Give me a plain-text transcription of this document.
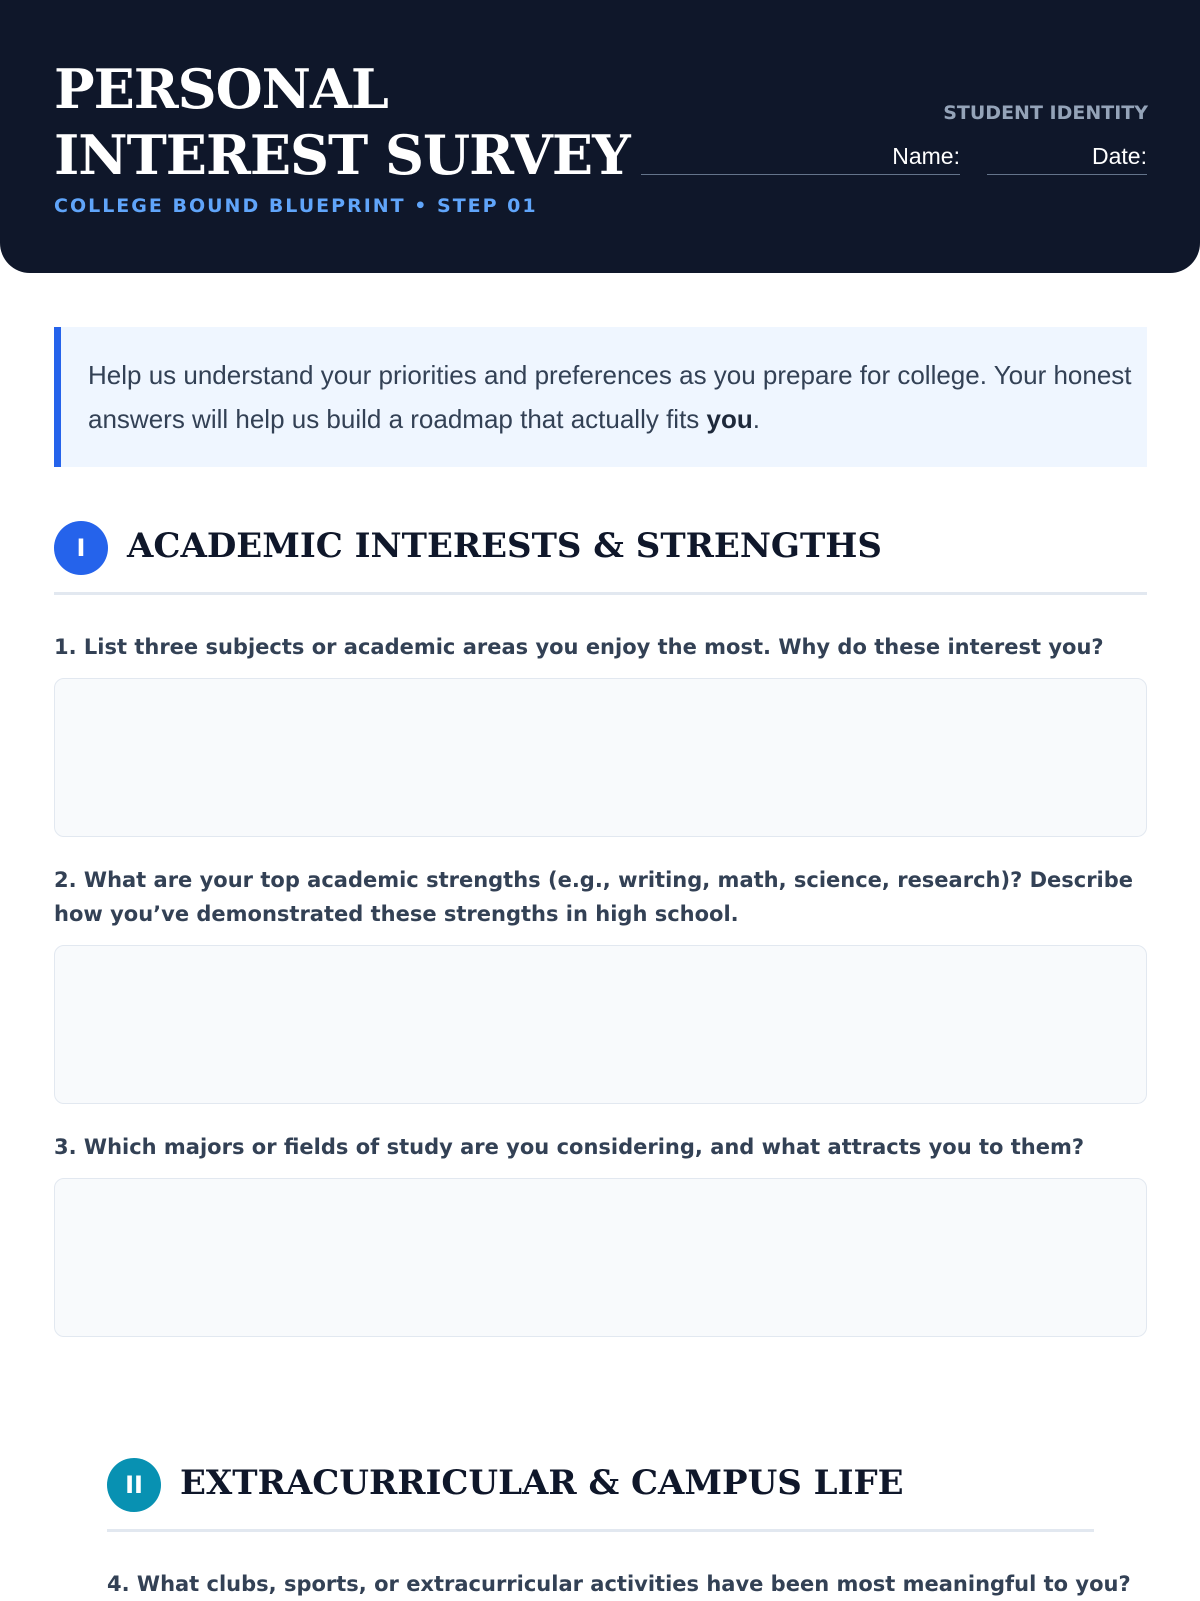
PERSONAL
INTEREST SURVEY
COLLEGE BOUND BLUEPRINT • STEP 01
STUDENT IDENTITY
Name:	Date:
Help us understand your priorities and preferences as you prepare for college. Your honest answers will help us build a roadmap that actually fits you.
I	ACADEMIC INTERESTS & STRENGTHS
1. List three subjects or academic areas you enjoy the most. Why do these interest you?
2. What are your top academic strengths (e.g., writing, math, science, research)? Describe how you’ve demonstrated these strengths in high school.
3. Which majors or fields of study are you considering, and what attracts you to them?
II	EXTRACURRICULAR & CAMPUS LIFE
4. What clubs, sports, or extracurricular activities have been most meaningful to you?
